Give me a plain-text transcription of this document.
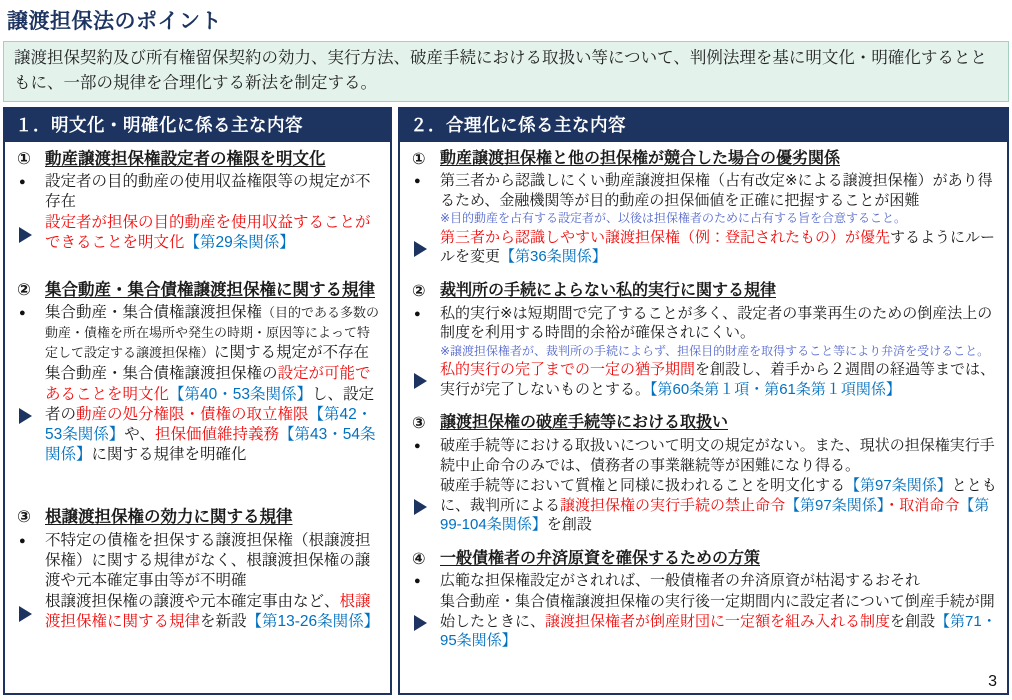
譲渡担保法のポイント
譲渡担保契約及び所有権留保契約の効力、実行方法、破産手続における取扱い等について、判例法理を基に明文化・明確化するとともに、一部の規律を合理化する新法を制定する。
１．明文化・明確化に係る主な内容
① 動産譲渡担保権設定者の権限を明文化
● 設定者の目的動産の使用収益権限等の規定が不存在
設定者が担保の目的動産を使用収益することができることを明文化【第29条関係】
② 集合動産・集合債権譲渡担保権に関する規律
● 集合動産・集合債権譲渡担保権（目的である多数の動産・債権を所在場所や発生の時期・原因等によって特定して設定する譲渡担保権）に関する規定が不存在
集合動産・集合債権譲渡担保権の設定が可能であることを明文化【第40・53条関係】し、設定者の動産の処分権限・債権の取立権限【第42・53条関係】や、担保価値維持義務【第43・54条関係】に関する規律を明確化
③ 根譲渡担保権の効力に関する規律
● 不特定の債権を担保する譲渡担保権（根譲渡担保権）に関する規律がなく、根譲渡担保権の譲渡や元本確定事由等が不明確
根譲渡担保権の譲渡や元本確定事由など、根譲渡担保権に関する規律を新設【第13-26条関係】
２．合理化に係る主な内容
3
① 動産譲渡担保権と他の担保権が競合した場合の優劣関係
● 第三者から認識しにくい動産譲渡担保権（占有改定※による譲渡担保権）があり得るため、金融機関等が目的動産の担保価値を正確に把握することが困難
※目的動産を占有する設定者が、以後は担保権者のために占有する旨を合意すること。
第三者から認識しやすい譲渡担保権（例：登記されたもの）が優先するようにルールを変更【第36条関係】
② 裁判所の手続によらない私的実行に関する規律
● 私的実行※は短期間で完了することが多く、設定者の事業再生のための倒産法上の制度を利用する時間的余裕が確保されにくい。
※譲渡担保権者が、裁判所の手続によらず、担保目的財産を取得すること等により弁済を受けること。
私的実行の完了までの一定の猶予期間を創設し、着手から２週間の経過等までは、実行が完了しないものとする。【第60条第１項・第61条第１項関係】
③ 譲渡担保権の破産手続等における取扱い
● 破産手続等における取扱いについて明文の規定がない。また、現状の担保権実行手続中止命令のみでは、債務者の事業継続等が困難になり得る。
破産手続等において質権と同様に扱われることを明文化する【第97条関係】とともに、裁判所による譲渡担保権の実行手続の禁止命令【第97条関係】・取消命令【第99-104条関係】を創設
④ 一般債権者の弁済原資を確保するための方策
● 広範な担保権設定がされれば、一般債権者の弁済原資が枯渇するおそれ
集合動産・集合債権譲渡担保権の実行後一定期間内に設定者について倒産手続が開始したときに、譲渡担保権者が倒産財団に一定額を組み入れる制度を創設【第71・95条関係】
